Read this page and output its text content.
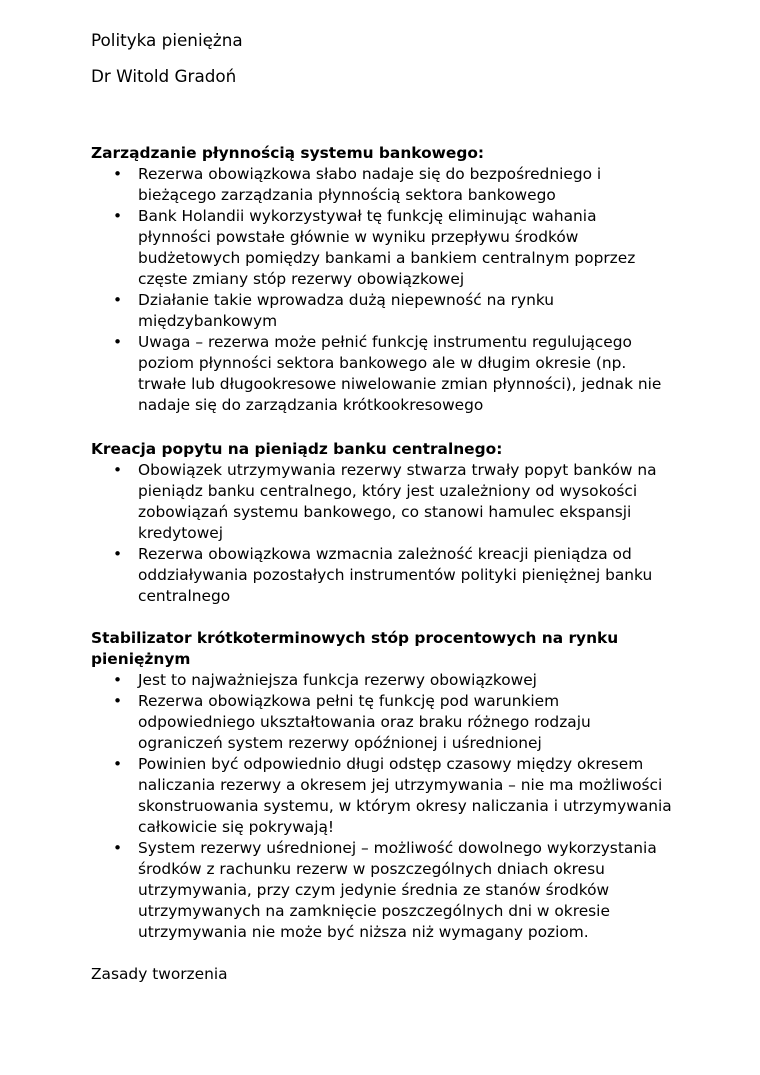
Polityka pieniężna
Dr Witold Gradoń
Zarządzanie płynnością systemu bankowego:
• Rezerwa obowiązkowa słabo nadaje się do bezpośredniego i
bieżącego zarządzania płynnością sektora bankowego
• Bank Holandii wykorzystywał tę funkcję eliminując wahania
płynności powstałe głównie w wyniku przepływu środków
budżetowych pomiędzy bankami a bankiem centralnym poprzez
częste zmiany stóp rezerwy obowiązkowej
• Działanie takie wprowadza dużą niepewność na rynku
międzybankowym
• Uwaga – rezerwa może pełnić funkcję instrumentu regulującego
poziom płynności sektora bankowego ale w długim okresie (np.
trwałe lub długookresowe niwelowanie zmian płynności), jednak nie
nadaje się do zarządzania krótkookresowego
Kreacja popytu na pieniądz banku centralnego:
• Obowiązek utrzymywania rezerwy stwarza trwały popyt banków na
pieniądz banku centralnego, który jest uzależniony od wysokości
zobowiązań systemu bankowego, co stanowi hamulec ekspansji
kredytowej
• Rezerwa obowiązkowa wzmacnia zależność kreacji pieniądza od
oddziaływania pozostałych instrumentów polityki pieniężnej banku
centralnego
Stabilizator krótkoterminowych stóp procentowych na rynku
pieniężnym
• Jest to najważniejsza funkcja rezerwy obowiązkowej
• Rezerwa obowiązkowa pełni tę funkcję pod warunkiem
odpowiedniego ukształtowania oraz braku różnego rodzaju
ograniczeń system rezerwy opóźnionej i uśrednionej
• Powinien być odpowiednio długi odstęp czasowy między okresem
naliczania rezerwy a okresem jej utrzymywania – nie ma możliwości
skonstruowania systemu, w którym okresy naliczania i utrzymywania
całkowicie się pokrywają!
• System rezerwy uśrednionej – możliwość dowolnego wykorzystania
środków z rachunku rezerw w poszczególnych dniach okresu
utrzymywania, przy czym jedynie średnia ze stanów środków
utrzymywanych na zamknięcie poszczególnych dni w okresie
utrzymywania nie może być niższa niż wymagany poziom.

Zasady tworzenia
